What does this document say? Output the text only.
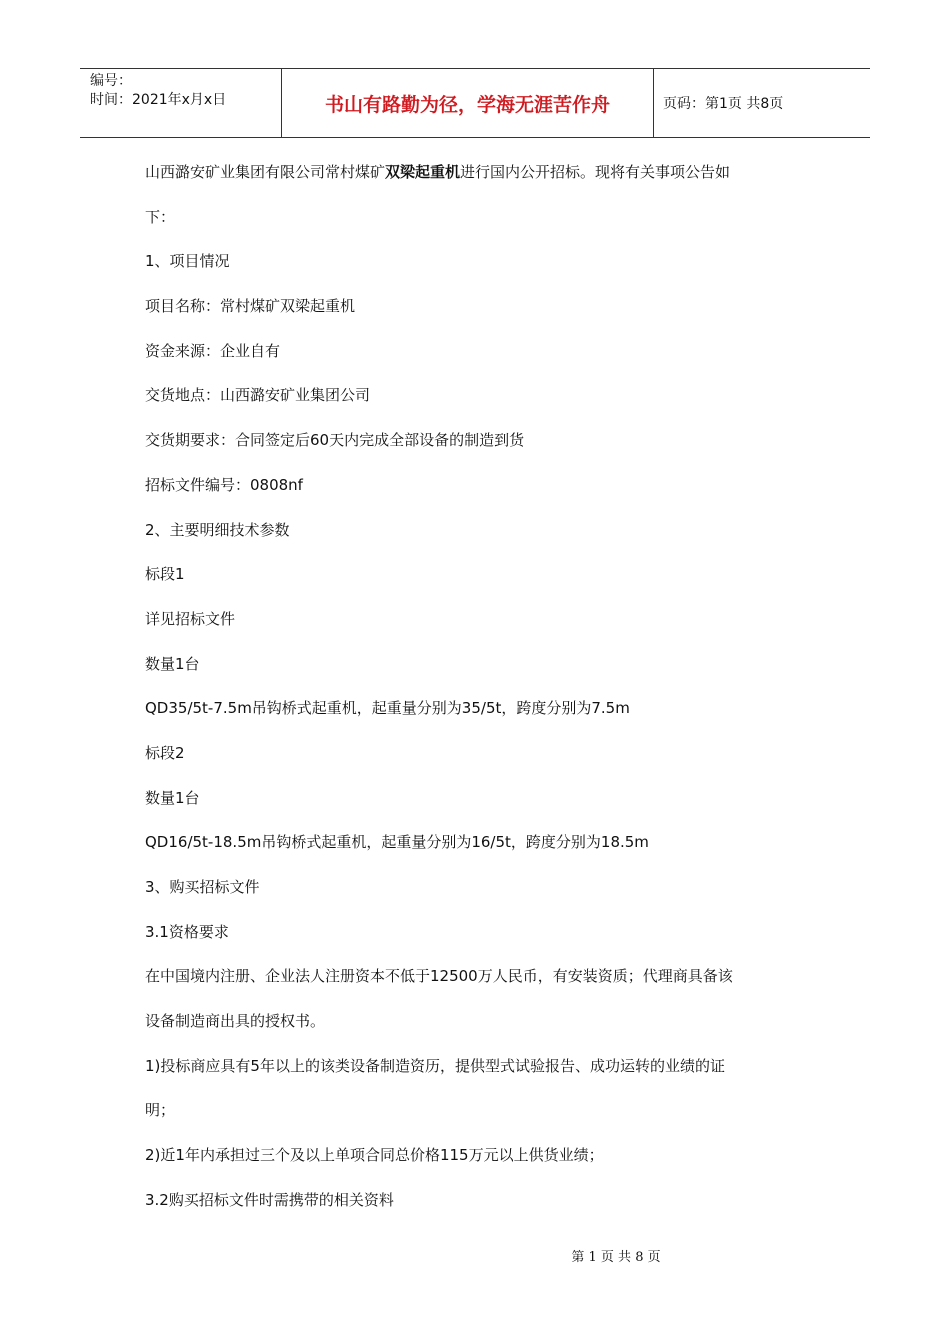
编号：
时间：2021年x月x日	书山有路勤为径，学海无涯苦作舟	页码：第1页 共8页
山西潞安矿业集团有限公司常村煤矿双梁起重机进行国内公开招标。现将有关事项公告如
下：
1、项目情况
项目名称：常村煤矿双梁起重机
资金来源：企业自有
交货地点：山西潞安矿业集团公司
交货期要求：合同签定后60天内完成全部设备的制造到货
招标文件编号：0808nf
2、主要明细技术参数
标段1
详见招标文件
数量1台
QD35/5t-7.5m吊钩桥式起重机，起重量分别为35/5t，跨度分别为7.5m
标段2
数量1台
QD16/5t-18.5m吊钩桥式起重机，起重量分别为16/5t，跨度分别为18.5m
3、购买招标文件
3.1资格要求
在中国境内注册、企业法人注册资本不低于12500万人民币，有安装资质；代理商具备该
设备制造商出具的授权书。
1)投标商应具有5年以上的该类设备制造资历，提供型式试验报告、成功运转的业绩的证
明；
2)近1年内承担过三个及以上单项合同总价格115万元以上供货业绩；
3.2购买招标文件时需携带的相关资料
第 1 页 共 8 页
